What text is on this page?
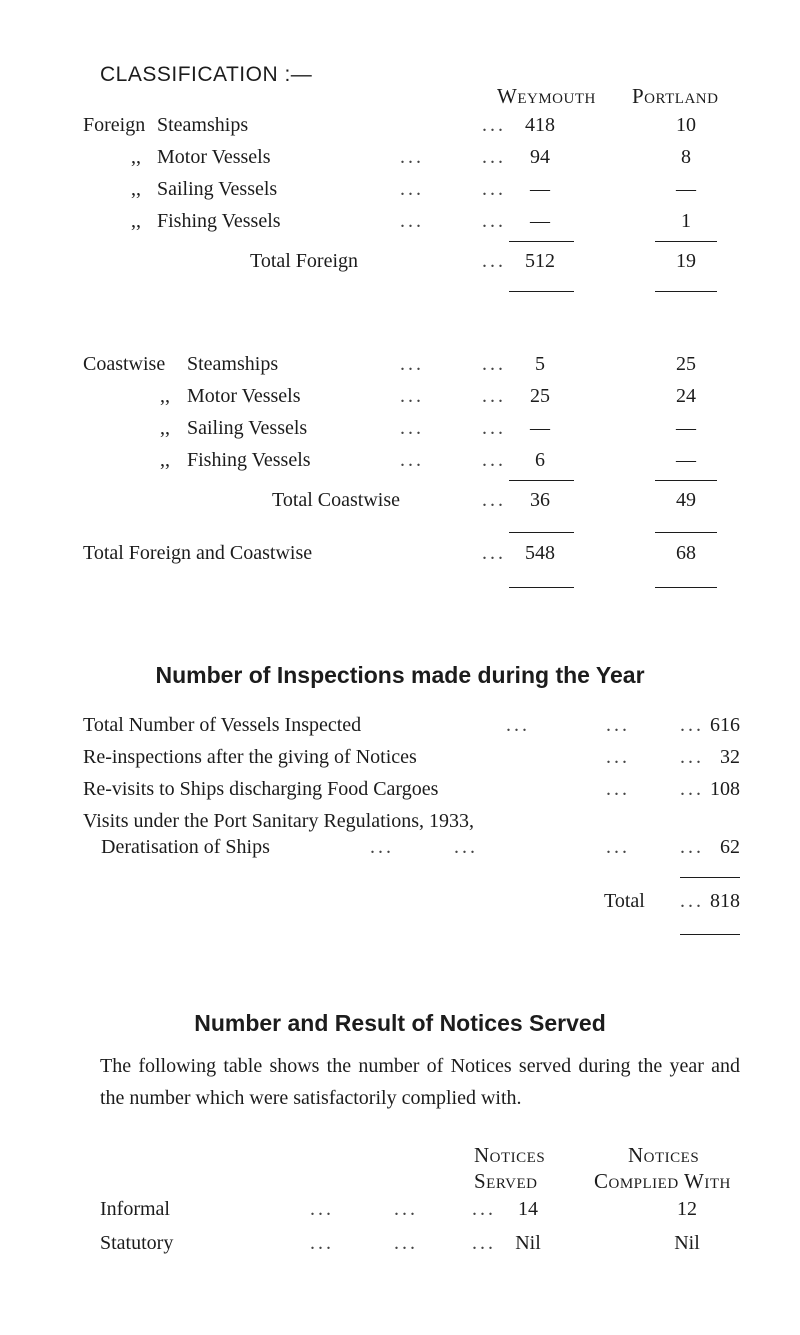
CLASSIFICATION :—
Weymouth Portland
Foreign Steamships	... 418	10
,, Motor Vessels	...	...	94	8
,, Sailing Vessels	...	...	—	—
,, Fishing Vessels	...	...	—	1
Total Foreign	... 512	19
Coastwise Steamships	...	...	5	25
,, Motor Vessels	...	...	25	24
,, Sailing Vessels	...	...	—	—
,, Fishing Vessels	...	...	6	—
Total Coastwise	...	36	49
Total Foreign and Coastwise	... 548	68
Number of Inspections made during the Year
Total Number of Vessels Inspected	...	...	... 616
Re-inspections after the giving of Notices	...	... 32
Re-visits to Ships discharging Food Cargoes	...	... 108
Visits under the Port Sanitary Regulations, 1933,
Deratisation of Ships	...	...	...	... 62
Total ... 818
Number and Result of Notices Served
The following table shows the number of Notices served during the year and the number which were satisfactorily complied with.
Notices
Served
Notices
Complied With
Informal	...	...	...	14	12
Statutory	...	...	... Nil	Nil
